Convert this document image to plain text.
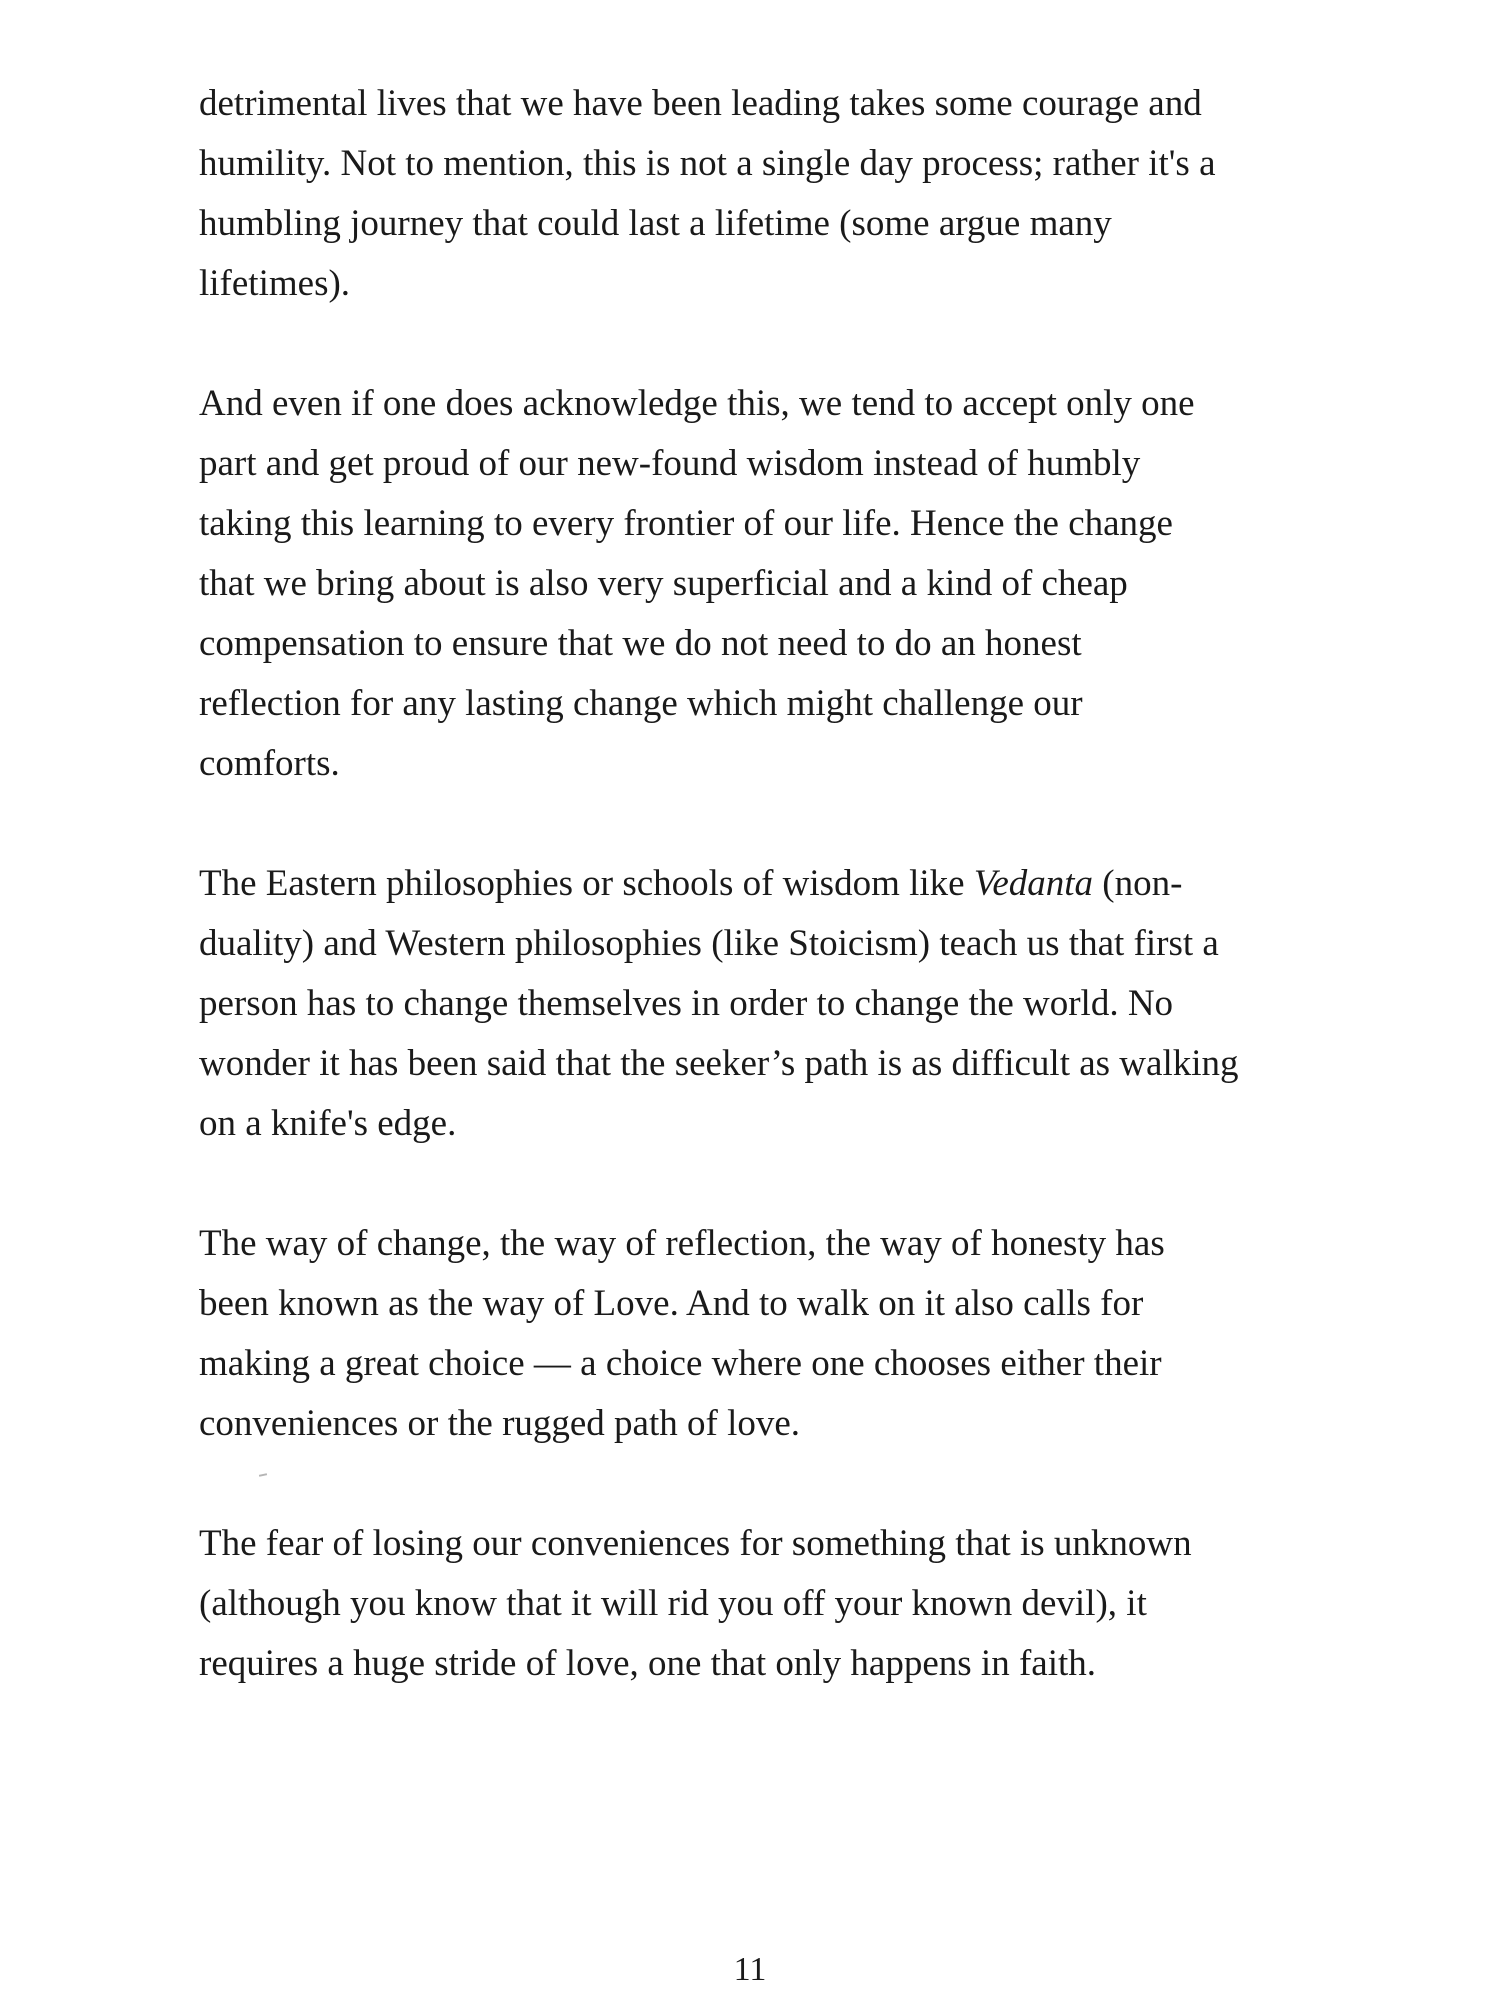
detrimental lives that we have been leading takes some courage and
humility. Not to mention, this is not a single day process; rather it's a
humbling journey that could last a lifetime (some argue many
lifetimes).

And even if one does acknowledge this, we tend to accept only one
part and get proud of our new-found wisdom instead of humbly
taking this learning to every frontier of our life. Hence the change
that we bring about is also very superficial and a kind of cheap
compensation to ensure that we do not need to do an honest
reflection for any lasting change which might challenge our
comforts.

The Eastern philosophies or schools of wisdom like Vedanta (non-
duality) and Western philosophies (like Stoicism) teach us that first a
person has to change themselves in order to change the world. No
wonder it has been said that the seeker’s path is as difficult as walking
on a knife's edge.

The way of change, the way of reflection, the way of honesty has
been known as the way of Love. And to walk on it also calls for
making a great choice — a choice where one chooses either their
conveniences or the rugged path of love.

The fear of losing our conveniences for something that is unknown
(although you know that it will rid you off your known devil), it
requires a huge stride of love, one that only happens in faith.

11
